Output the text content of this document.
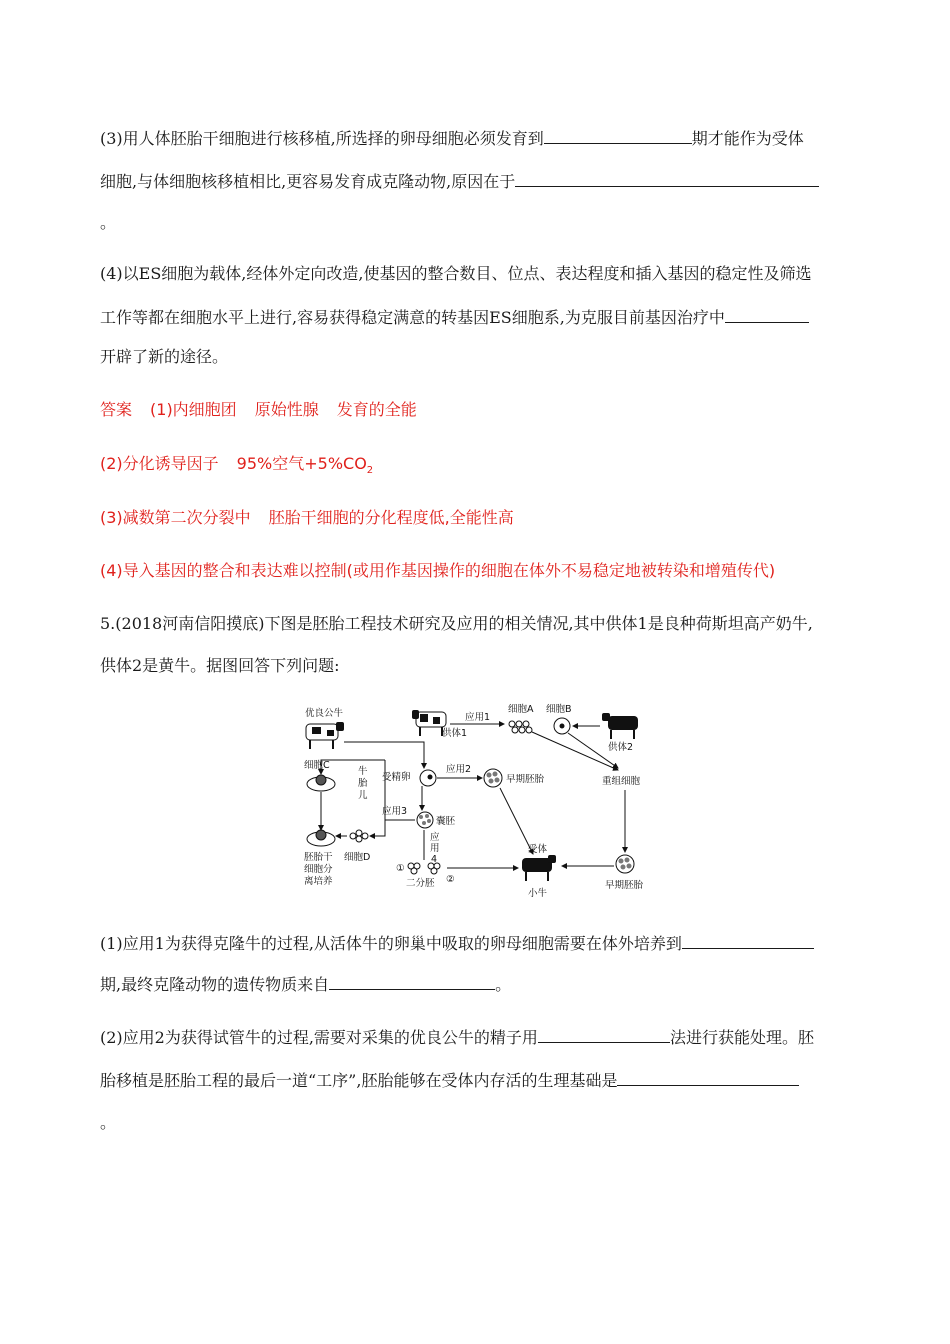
(3)用人体胚胎干细胞进行核移植,所选择的卵母细胞必须发育到	期才能作为受体
细胞,与体细胞核移植相比,更容易发育成克隆动物,原因在于
。
(4)以ES细胞为载体,经体外定向改造,使基因的整合数目、位点、表达程度和插入基因的稳定性及筛选
工作等都在细胞水平上进行,容易获得稳定满意的转基因ES细胞系,为克服目前基因治疗中
开辟了新的途径。
答案 (1)内细胞团 原始性腺 发育的全能
(2)分化诱导因子 95%空气$+5\%CO_2$
(3)减数第二次分裂中 胚胎干细胞的分化程度低,全能性高
(4)导入基因的整合和表达难以控制(或用作基因操作的细胞在体外不易稳定地被转染和增殖传代)
5.(2018河南信阳摸底)下图是胚胎工程技术研究及应用的相关情况,其中供体1是良种荷斯坦高产奶牛,
供体2是黄牛。据图回答下列问题:
优良公牛
供体1
应用1
细胞A 细胞B
供体2
细胞C
牛
胎
儿
受精卵
应用2
早期胚胎	重组细胞
应用3
囊胚
应
用
4
胚胎干
细胞分
离培养
细胞D
①
②
二分胚
受体
小牛
早期胚胎
(1)应用1为获得克隆牛的过程,从活体牛的卵巢中吸取的卵母细胞需要在体外培养到
期,最终克隆动物的遗传物质来自	。
(2)应用2为获得试管牛的过程,需要对采集的优良公牛的精子用	法进行获能处理。胚
胎移植是胚胎工程的最后一道“工序”,胚胎能够在受体内存活的生理基础是
。
